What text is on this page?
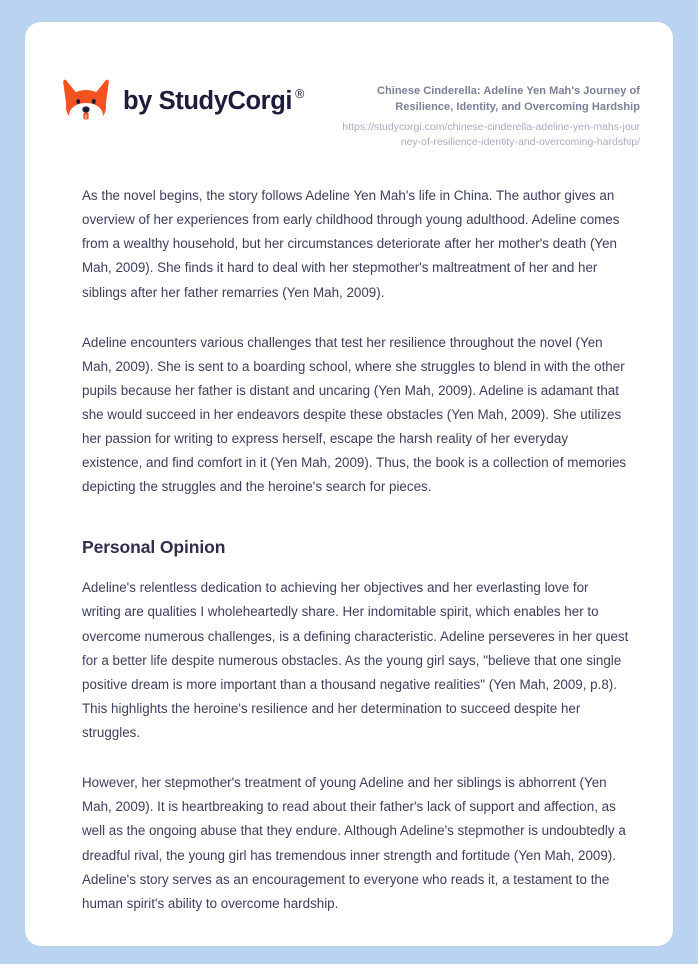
by StudyCorgi ®	Chinese Cinderella: Adeline Yen Mah's Journey of Resilience, Identity, and Overcoming Hardship

https://studycorgi.com/chinese-cinderella-adeline-yen-mahs-journey-of-resilience-identity-and-overcoming-hardship/

As the novel begins, the story follows Adeline Yen Mah's life in China. The author gives an overview of her experiences from early childhood through young adulthood. Adeline comes from a wealthy household, but her circumstances deteriorate after her mother's death (Yen Mah, 2009). She finds it hard to deal with her stepmother's maltreatment of her and her siblings after her father remarries (Yen Mah, 2009).

Adeline encounters various challenges that test her resilience throughout the novel (Yen Mah, 2009). She is sent to a boarding school, where she struggles to blend in with the other pupils because her father is distant and uncaring (Yen Mah, 2009). Adeline is adamant that she would succeed in her endeavors despite these obstacles (Yen Mah, 2009). She utilizes her passion for writing to express herself, escape the harsh reality of her everyday existence, and find comfort in it (Yen Mah, 2009). Thus, the book is a collection of memories depicting the struggles and the heroine's search for pieces.

Personal Opinion

Adeline's relentless dedication to achieving her objectives and her everlasting love for writing are qualities I wholeheartedly share. Her indomitable spirit, which enables her to overcome numerous challenges, is a defining characteristic. Adeline perseveres in her quest for a better life despite numerous obstacles. As the young girl says, "believe that one single positive dream is more important than a thousand negative realities" (Yen Mah, 2009, p.8). This highlights the heroine's resilience and her determination to succeed despite her struggles.

However, her stepmother's treatment of young Adeline and her siblings is abhorrent (Yen Mah, 2009). It is heartbreaking to read about their father's lack of support and affection, as well as the ongoing abuse that they endure. Although Adeline's stepmother is undoubtedly a dreadful rival, the young girl has tremendous inner strength and fortitude (Yen Mah, 2009). Adeline's story serves as an encouragement to everyone who reads it, a testament to the human spirit's ability to overcome hardship.
